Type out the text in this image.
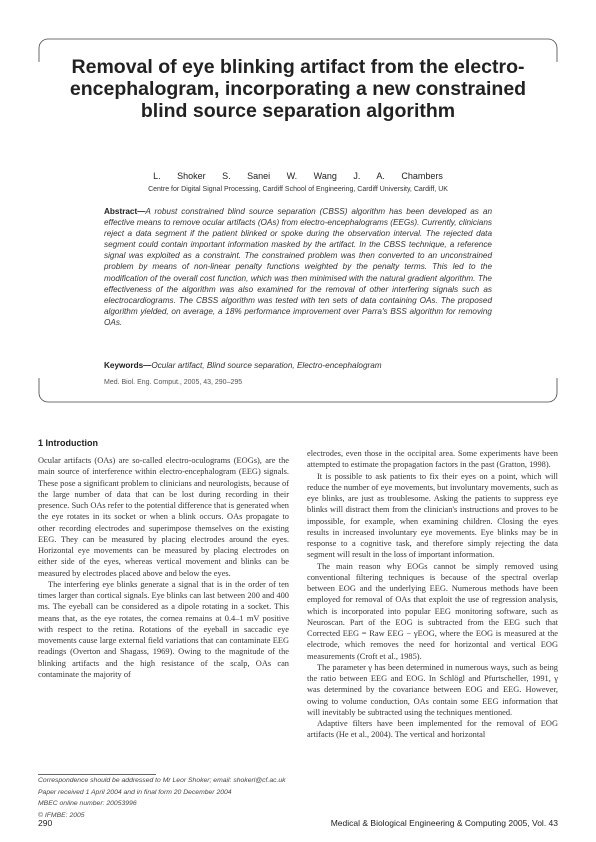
Removal of eye blinking artifact from the electro-encephalogram, incorporating a new constrained blind source separation algorithm
L. Shoker S. Sanei W. Wang J. A. Chambers
Centre for Digital Signal Processing, Cardiff School of Engineering, Cardiff University, Cardiff, UK
Abstract—A robust constrained blind source separation (CBSS) algorithm has been developed as an effective means to remove ocular artifacts (OAs) from electro-encephalograms (EEGs). Currently, clinicians reject a data segment if the patient blinked or spoke during the observation interval. The rejected data segment could contain important information masked by the artifact. In the CBSS technique, a reference signal was exploited as a constraint. The constrained problem was then converted to an unconstrained problem by means of non-linear penalty functions weighted by the penalty terms. This led to the modification of the overall cost function, which was then minimised with the natural gradient algorithm. The effectiveness of the algorithm was also examined for the removal of other interfering signals such as electrocardiograms. The CBSS algorithm was tested with ten sets of data containing OAs. The proposed algorithm yielded, on average, a 18% performance improvement over Parra's BSS algorithm for removing OAs.
Keywords—Ocular artifact, Blind source separation, Electro-encephalogram
Med. Biol. Eng. Comput., 2005, 43, 290–295
1 Introduction

Ocular artifacts (OAs) are so-called electro-oculograms (EOGs), are the main source of interference within electro-encephalogram (EEG) signals. These pose a significant problem to clinicians and neurologists, because of the large number of data that can be lost during recording in their presence. Such OAs refer to the potential difference that is generated when the eye rotates in its socket or when a blink occurs. OAs propagate to other recording electrodes and superimpose themselves on the existing EEG. They can be measured by placing electrodes around the eyes. Horizontal eye movements can be measured by placing electrodes on either side of the eyes, whereas vertical movement and blinks can be measured by electrodes placed above and below the eyes.

The interfering eye blinks generate a signal that is in the order of ten times larger than cortical signals. Eye blinks can last between 200 and 400 ms. The eyeball can be considered as a dipole rotating in a socket. This means that, as the eye rotates, the cornea remains at 0.4–1 mV positive with respect to the retina. Rotations of the eyeball in saccadic eye movements cause large external field variations that can contaminate EEG readings (Overton and Shagass, 1969). Owing to the magnitude of the blinking artifacts and the high resistance of the scalp, OAs can contaminate the majority of

electrodes, even those in the occipital area. Some experiments have been attempted to estimate the propagation factors in the past (Gratton, 1998).

It is possible to ask patients to fix their eyes on a point, which will reduce the number of eye movements, but involuntary movements, such as eye blinks, are just as troublesome. Asking the patients to suppress eye blinks will distract them from the clinician's instructions and proves to be impossible, for example, when examining children. Closing the eyes results in increased involuntary eye movements. Eye blinks may be in response to a cognitive task, and therefore simply rejecting the data segment will result in the loss of important information.

The main reason why EOGs cannot be simply removed using conventional filtering techniques is because of the spectral overlap between EOG and the underlying EEG. Numerous methods have been employed for removal of OAs that exploit the use of regression analysis, which is incorporated into popular EEG monitoring software, such as Neuroscan. Part of the EOG is subtracted from the EEG such that Corrected EEG = Raw EEG − γEOG, where the EOG is measured at the electrode, which removes the need for horizontal and vertical EOG measurements (Croft et al., 1985).

The parameter γ has been determined in numerous ways, such as being the ratio between EEG and EOG. In Schlögl and Pfurtscheller, 1991, γ was determined by the covariance between EOG and EEG. However, owing to volume conduction, OAs contain some EEG information that will inevitably be subtracted using the techniques mentioned.

Adaptive filters have been implemented for the removal of EOG artifacts (He et al., 2004). The vertical and horizontal

Correspondence should be addressed to Mr Leor Shoker; email: shokerl@cf.ac.uk
Paper received 1 April 2004 and in final form 20 December 2004
MBEC online number: 20053996
© IFMBE: 2005
290	Medical & Biological Engineering & Computing 2005, Vol. 43
